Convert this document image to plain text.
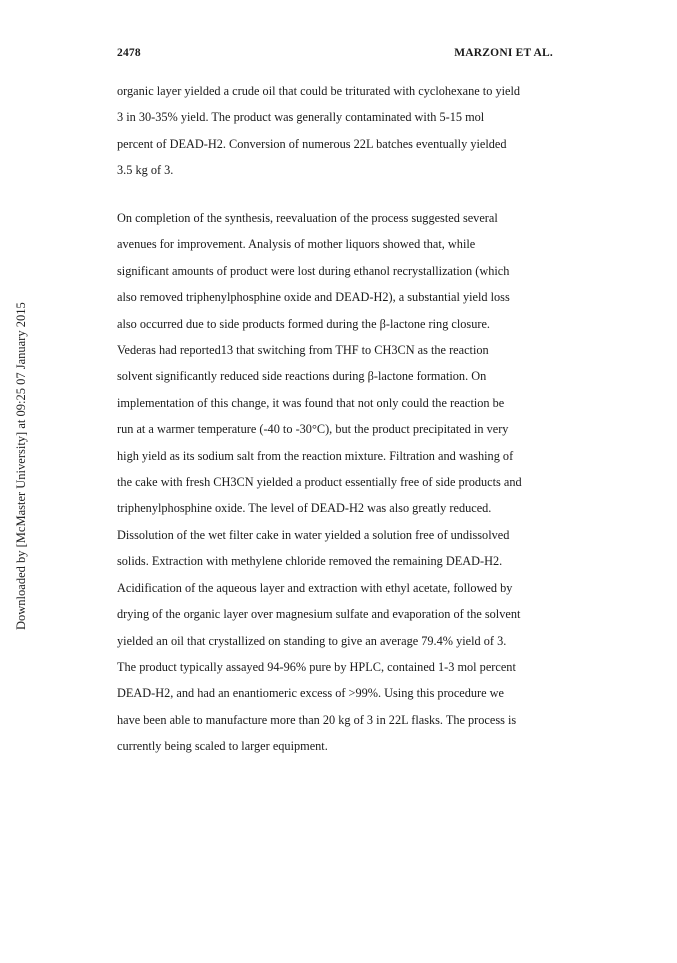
Downloaded by [McMaster University] at 09:25 07 January 2015
2478	MARZONI ET AL.
organic layer yielded a crude oil that could be triturated with cyclohexane to yield
3 in 30-35% yield. The product was generally contaminated with 5-15 mol
percent of DEAD-H2. Conversion of numerous 22L batches eventually yielded
3.5 kg of 3.
On completion of the synthesis, reevaluation of the process suggested several
avenues for improvement. Analysis of mother liquors showed that, while
significant amounts of product were lost during ethanol recrystallization (which
also removed triphenylphosphine oxide and DEAD-H2), a substantial yield loss
also occurred due to side products formed during the β-lactone ring closure.
Vederas had reported13 that switching from THF to CH3CN as the reaction
solvent significantly reduced side reactions during β-lactone formation. On
implementation of this change, it was found that not only could the reaction be
run at a warmer temperature (-40 to -30°C), but the product precipitated in very
high yield as its sodium salt from the reaction mixture. Filtration and washing of
the cake with fresh CH3CN yielded a product essentially free of side products and
triphenylphosphine oxide. The level of DEAD-H2 was also greatly reduced.
Dissolution of the wet filter cake in water yielded a solution free of undissolved
solids. Extraction with methylene chloride removed the remaining DEAD-H2.
Acidification of the aqueous layer and extraction with ethyl acetate, followed by
drying of the organic layer over magnesium sulfate and evaporation of the solvent
yielded an oil that crystallized on standing to give an average 79.4% yield of 3.
The product typically assayed 94-96% pure by HPLC, contained 1-3 mol percent
DEAD-H2, and had an enantiomeric excess of >99%. Using this procedure we
have been able to manufacture more than 20 kg of 3 in 22L flasks. The process is
currently being scaled to larger equipment.
